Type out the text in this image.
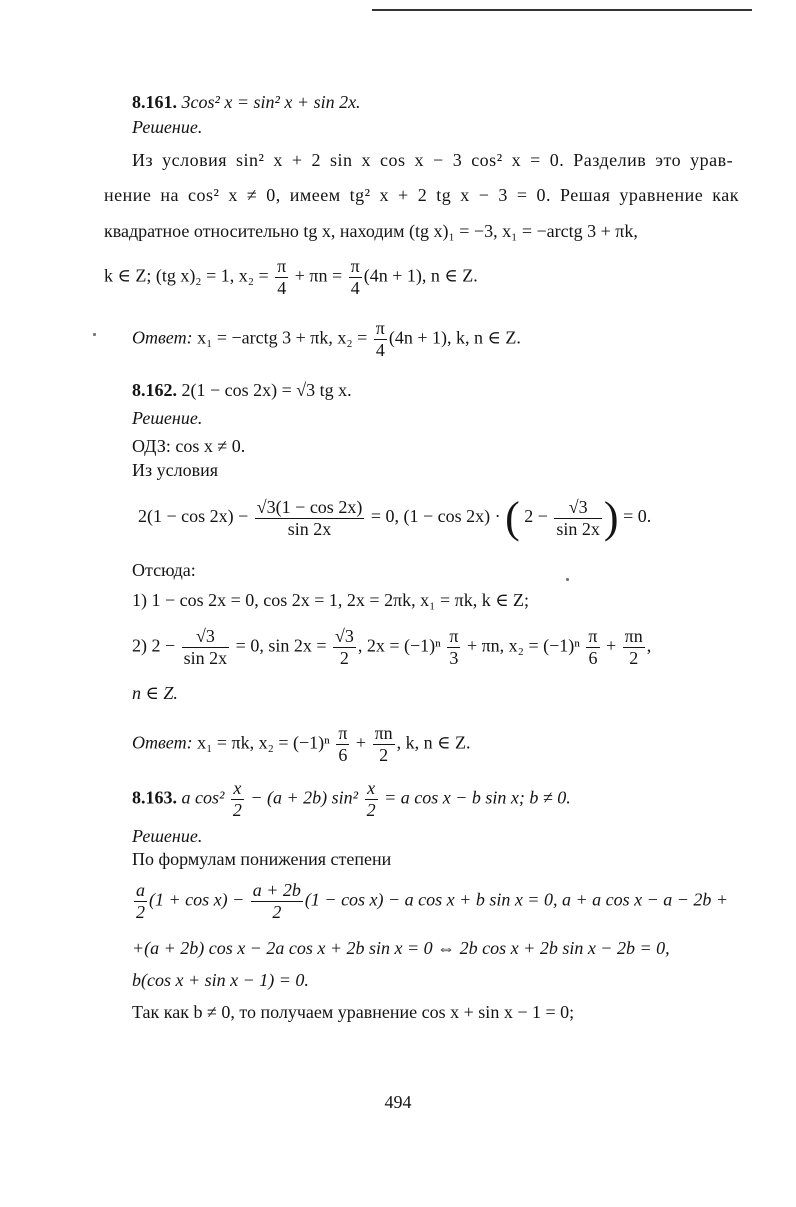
8.161. 3cos² x = sin² x + sin 2x.
Решение.
Из условия sin² x + 2 sin x cos x − 3 cos² x = 0. Разделив это урав-
нение на cos² x ≠ 0, имеем tg² x + 2 tg x − 3 = 0. Решая уравнение как
квадратное относительно tg x, находим (tg x)₁ = −3, x₁ = −arctg 3 + πk,
k ∈ Z; (tg x)₂ = 1, $x_2 = \frac{\pi}{4} + \pi n = \frac{\pi}{4} (4n + 1)$, n ∈ Z.
Ответ: x₁ = −arctg 3 + πk, $x_2 = \frac{\pi}{4} (4n + 1)$, k, n ∈ Z.
8.162. 2(1 − cos 2x) = √3 tg x.
Решение.
ОДЗ: cos x ≠ 0.
Из условия
$2(1 - \cos 2x) - \frac{√3(1 - \cos 2x)}{\sin 2x} = 0$, (1 − cos 2x) · ( $2 - \frac{√3}{\sin 2x}$ ) = 0.
Отсюда:
1) 1 − cos 2x = 0, cos 2x = 1, 2x = 2πk, x₁ = πk, k ∈ Z;
2) $2 - \frac{√3}{\sin 2x} = 0$, $\sin 2x = \frac{√3}{2}$ , $2x = (-1)^n \frac{\pi}{3} + \pi n$, $x_2 = (-1)^n \frac{\pi}{6} + \frac{\pi n}{2}$ ,
n ∈ Z.
Ответ: x₁ = πk, $x_2 = (-1)^n \frac{\pi}{6} + \frac{\pi n}{2}$ , k, n ∈ Z.
8.163. a $\cos^2 \frac{x}{2} - (a + 2b)$ $\sin^2 \frac{x}{2} = a$ cos x − b sin x; b ≠ 0.
Решение.
По формулам понижения степени
$\frac{a}{2} (1 + \cos x) - \frac{a + 2b}{2} (1 - \cos x) - a$ cos x + b sin x = 0, a + a cos x − a − 2b +
+(a + 2b) cos x − 2a cos x + 2b sin x = 0 ⇔ 2b cos x + 2b sin x − 2b = 0,
b(cos x + sin x − 1) = 0.
Так как b ≠ 0, то получаем уравнение cos x + sin x − 1 = 0;
494
